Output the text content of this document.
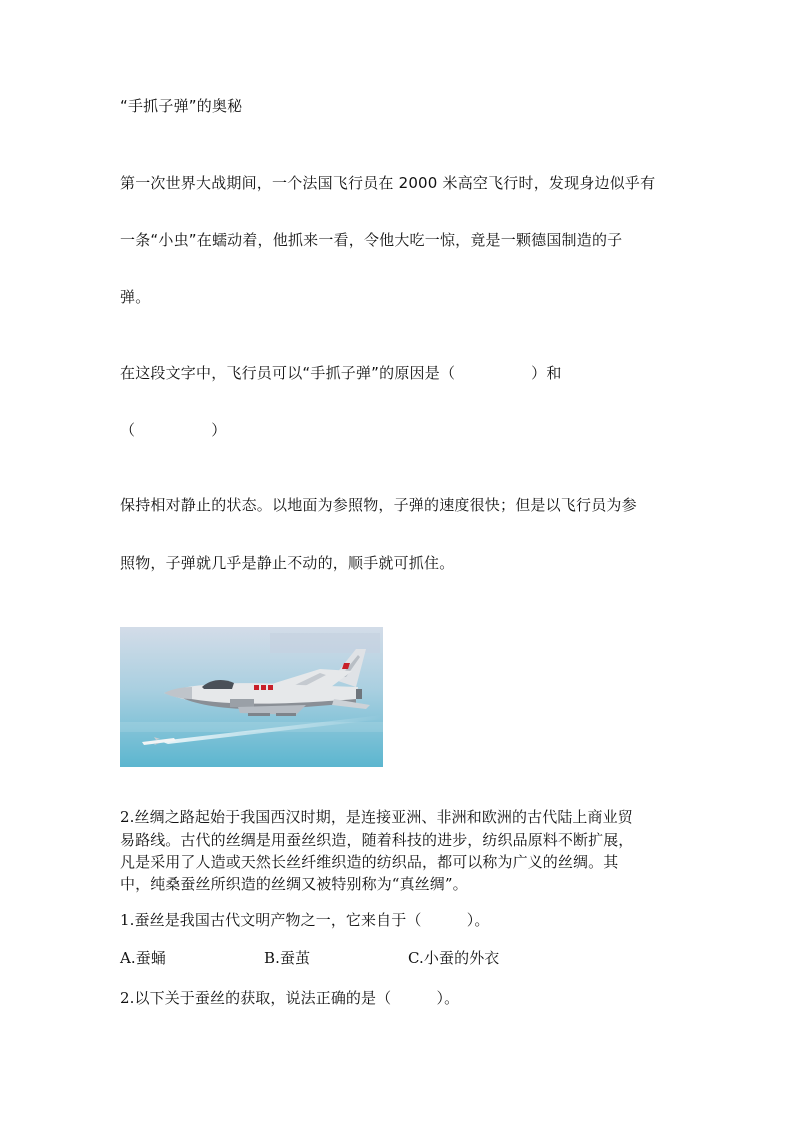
“手抓子弹”的奥秘
第一次世界大战期间，一个法国飞行员在 2000 米高空飞行时，发现身边似乎有
一条“小虫”在蠕动着，他抓来一看，令他大吃一惊，竟是一颗德国制造的子
弹。
在这段文字中，飞行员可以“手抓子弹”的原因是（　　　　　）和
（　　　　　）
保持相对静止的状态。以地面为参照物，子弹的速度很快；但是以飞行员为参
照物，子弹就几乎是静止不动的，顺手就可抓住。
2.丝绸之路起始于我国西汉时期，是连接亚洲、非洲和欧洲的古代陆上商业贸
易路线。古代的丝绸是用蚕丝织造，随着科技的进步，纺织品原料不断扩展，
凡是采用了人造或天然长丝纤维织造的纺织品，都可以称为广义的丝绸。其
中，纯桑蚕丝所织造的丝绸又被特别称为“真丝绸”。
1.蚕丝是我国古代文明产物之一，它来自于（　　　）。
A.蚕蛹	B.蚕茧	C.小蚕的外衣
2.以下关于蚕丝的获取，说法正确的是（　　　）。
